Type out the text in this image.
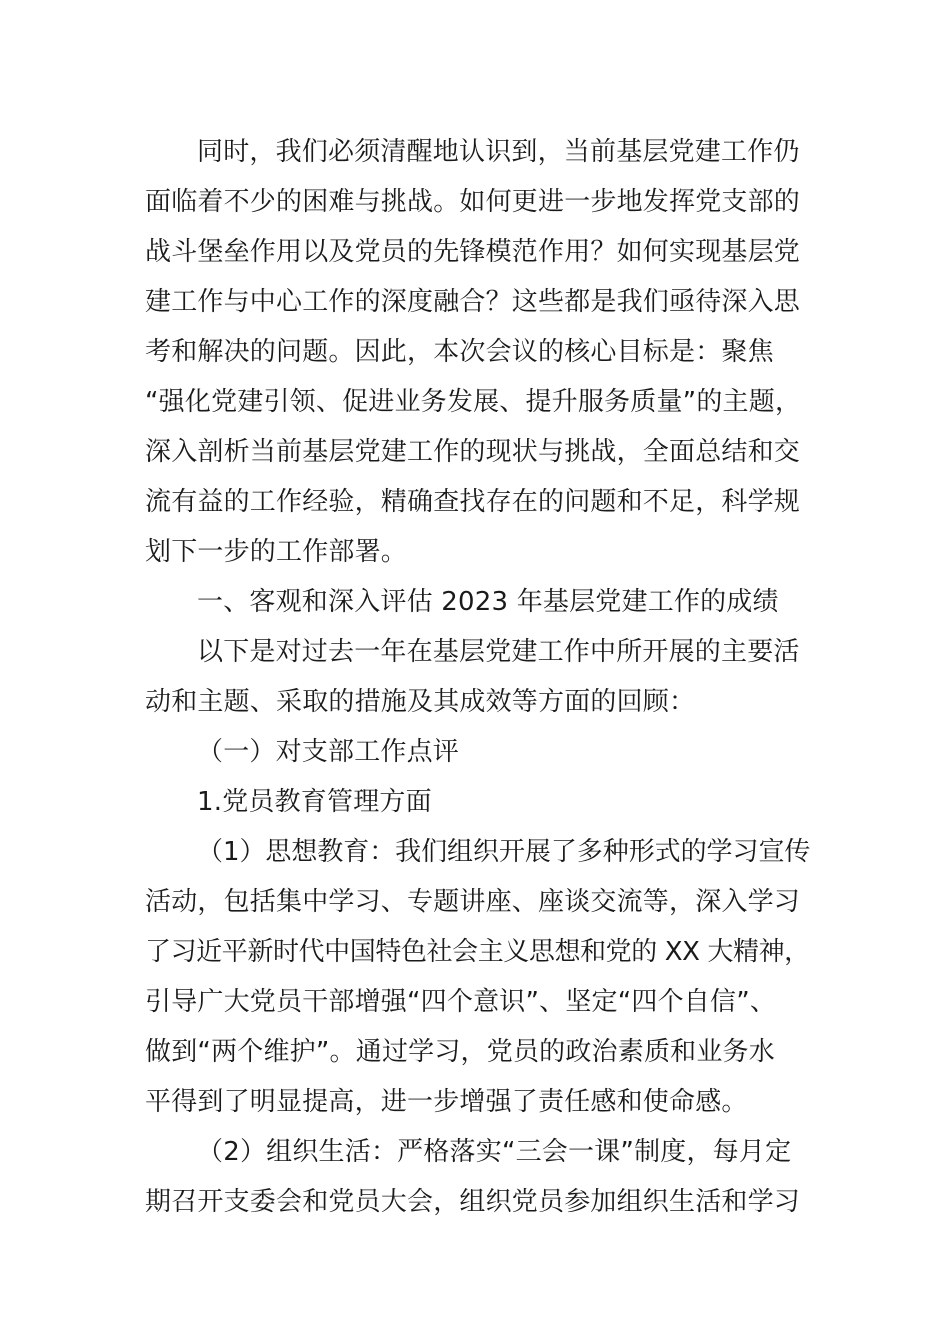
同时，我们必须清醒地认识到，当前基层党建工作仍
面临着不少的困难与挑战。如何更进一步地发挥党支部的
战斗堡垒作用以及党员的先锋模范作用？如何实现基层党
建工作与中心工作的深度融合？这些都是我们亟待深入思
考和解决的问题。因此，本次会议的核心目标是：聚焦
“强化党建引领、促进业务发展、提升服务质量”的主题，
深入剖析当前基层党建工作的现状与挑战，全面总结和交
流有益的工作经验，精确查找存在的问题和不足，科学规
划下一步的工作部署。
一、客观和深入评估 2023 年基层党建工作的成绩
以下是对过去一年在基层党建工作中所开展的主要活
动和主题、采取的措施及其成效等方面的回顾：
（一）对支部工作点评
1.党员教育管理方面
（1）思想教育：我们组织开展了多种形式的学习宣传
活动，包括集中学习、专题讲座、座谈交流等，深入学习
了习近平新时代中国特色社会主义思想和党的 XX 大精神，
引导广大党员干部增强“四个意识”、坚定“四个自信”、
做到“两个维护”。通过学习，党员的政治素质和业务水
平得到了明显提高，进一步增强了责任感和使命感。
（2）组织生活：严格落实“三会一课”制度，每月定
期召开支委会和党员大会，组织党员参加组织生活和学习
